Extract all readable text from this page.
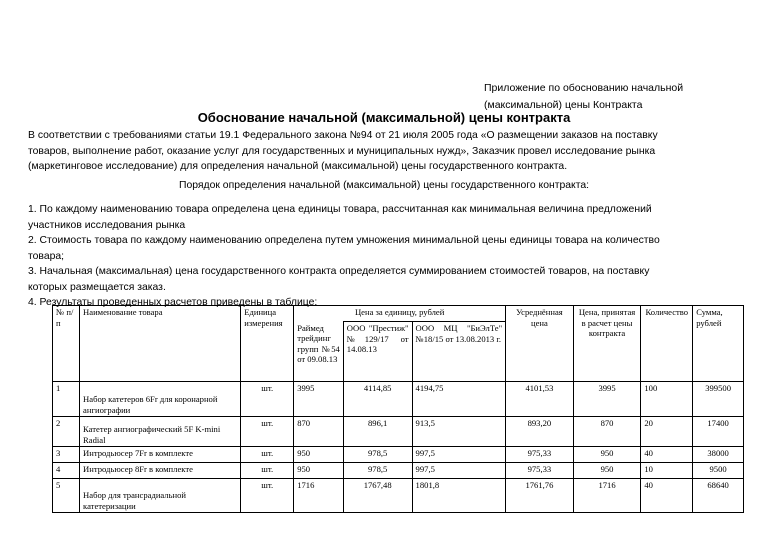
Приложение по обоснованию начальной
(максимальной) цены Контракта
Обоснование начальной (максимальной) цены контракта
В соответствии с требованиями статьи 19.1 Федерального закона №94 от 21 июля 2005 года «О размещении заказов на поставку
товаров, выполнение работ, оказание услуг для государственных и муниципальных нужд», Заказчик провел исследование рынка
(маркетинговое исследование) для определения начальной (максимальной) цены государственного контракта.
Порядок определения начальной (максимальной) цены государственного контракта:
1. По каждому наименованию товара определена цена единицы товара, рассчитанная как минимальная величина предложений
участников исследования рынка
2. Стоимость товара по каждому наименованию определена путем умножения минимальной цены единицы товара на количество
товара;
3. Начальная (максимальная) цена государственного контракта определяется суммированием стоимостей товаров, на поставку
которых размещается заказ.
4. Результаты проведенных расчетов приведены в таблице:
№ п/п	Наименование товара	Единица измерения	Цена за единицу, рублей			Усреднённая цена	Цена, принятая в расчет цены контракта	Количество	Сумма, рублей
			Раймед трейдинг групп №54 от 09.08.13	ООО "Престиж" №129/17 от 14.08.13	ООО МЦ "БиЭлТе" №18/15 от 13.08.2013 г.				
1	Набор катетеров 6Fr для коронарной ангиографии	шт.	3995	4114,85	4194,75	4101,53	3995	100	399500
2	Катетер ангиографический 5F K-mini Radial	шт.	870	896,1	913,5	893,20	870	20	17400
3	Интродьюсер 7Fr в комплекте	шт.	950	978,5	997,5	975,33	950	40	38000
4	Интродьюсер 8Fr в комплекте	шт.	950	978,5	997,5	975,33	950	10	9500
5	Набор для трансрадиальной катетеризации	шт.	1716	1767,48	1801,8	1761,76	1716	40	68640
